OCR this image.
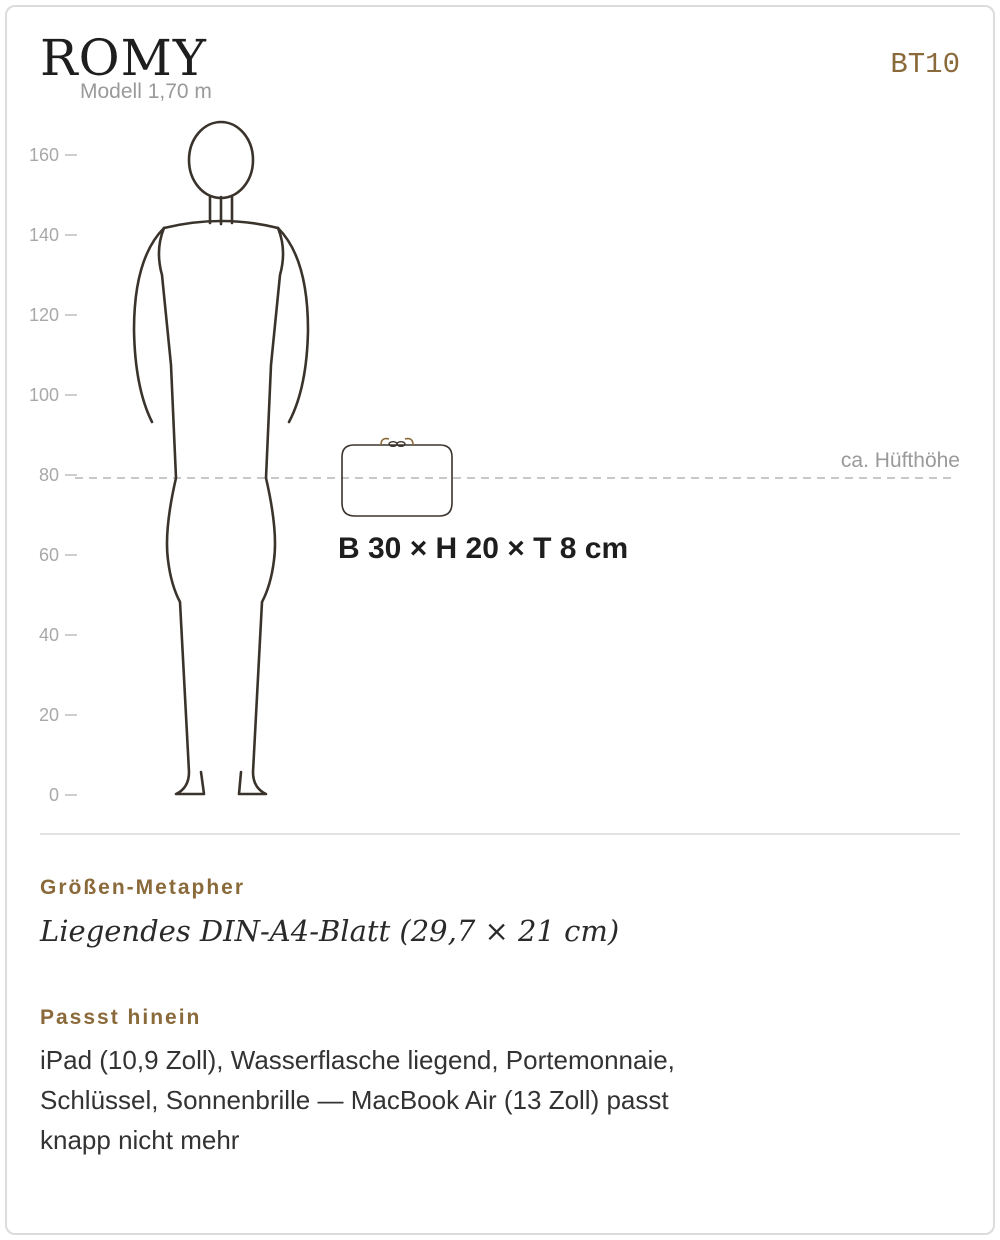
ROMY	BT10
Modell 1,70 m
160
140
120
100
80
60
40
20
0
ca. Hüfthöhe
B 30 × H 20 × T 8 cm
Größen-Metapher

Liegendes DIN-A4-Blatt (29,7 × 21 cm)

Passst hinein

iPad (10,9 Zoll), Wasserflasche liegend, Portemonnaie, Schlüssel, Sonnenbrille — MacBook Air (13 Zoll) passt knapp nicht mehr
